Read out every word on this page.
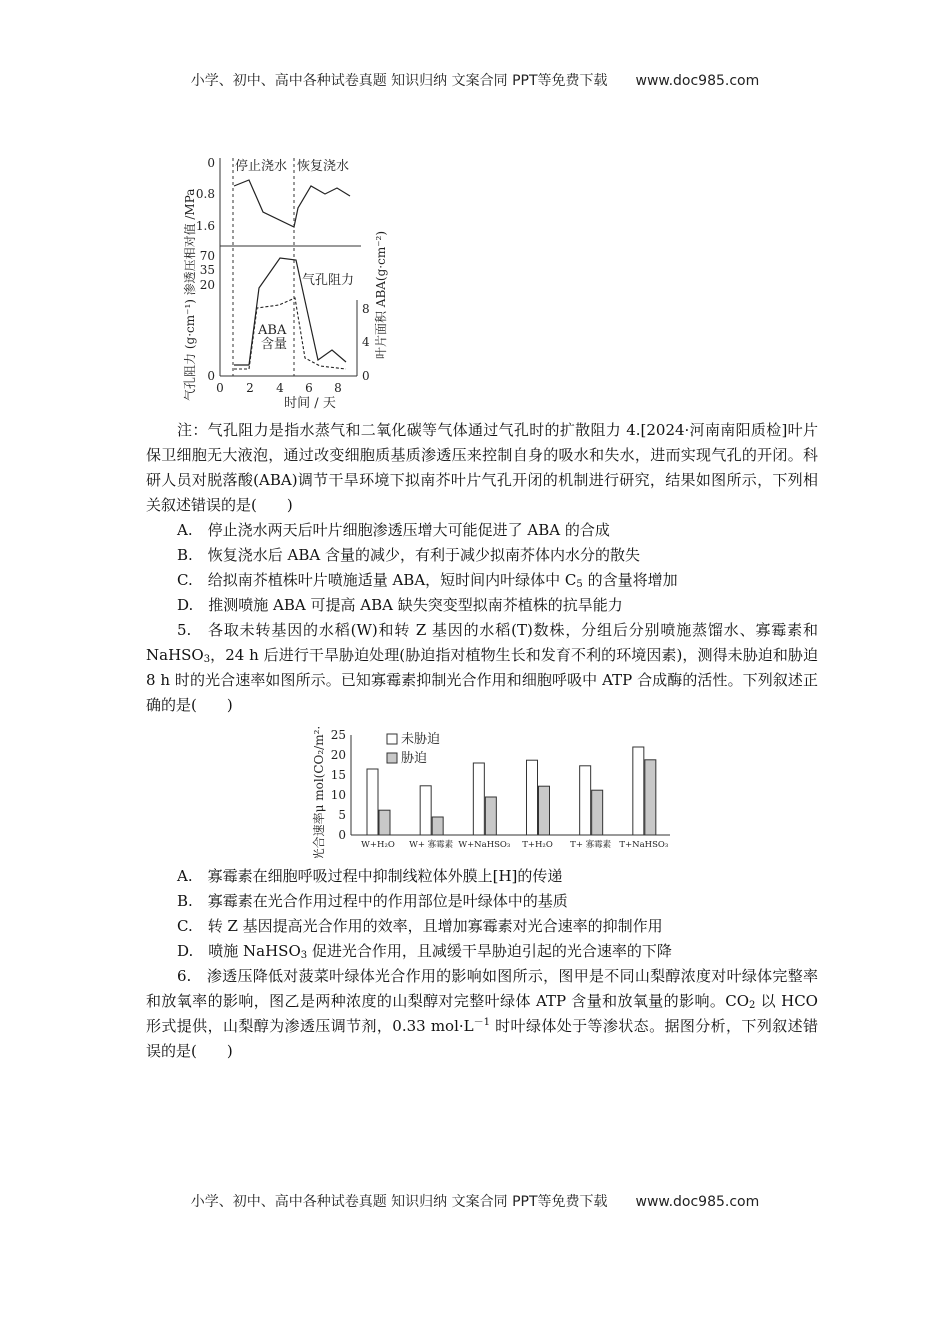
小学、初中、高中各种试卷真题 知识归纳 文案合同 PPT等免费下载 www.doc985.com
停止浇水 恢复浇水
0
0.8
1.6
70
35
20
0
8
4
0
0 2 4 6 8
时间 / 天
渗透压相对值 /MPa
气孔阻力 (g·cm⁻¹)	叶片面积 ABA(g·cm⁻²)
气孔阻力
ABA
含量

注：气孔阻力是指水蒸气和二氧化碳等气体通过气孔时的扩散阻力 4.[2024·河南南阳质检]叶片保卫细胞无大液泡，通过改变细胞质基质渗透压来控制自身的吸水和失水，进而实现气孔的开闭。科研人员对脱落酸(ABA)调节干旱环境下拟南芥叶片气孔开闭的机制进行研究，结果如图所示，下列相关叙述错误的是(　　)

A.　停止浇水两天后叶片细胞渗透压增大可能促进了 ABA 的合成

B.　恢复浇水后 ABA 含量的减少，有利于减少拟南芥体内水分的散失

C.　给拟南芥植株叶片喷施适量 ABA，短时间内叶绿体中 $C_5$ 的含量将增加

D.　推测喷施 ABA 可提高 ABA 缺失突变型拟南芥植株的抗旱能力

5.　各取未转基因的水稻(W)和转 Z 基因的水稻(T)数株，分组后分别喷施蒸馏水、寡霉素和 NaHSO$_3$，24 h 后进行干旱胁迫处理(胁迫指对植物生长和发育不利的环境因素)，测得未胁迫和胁迫 8 h 时的光合速率如图所示。已知寡霉素抑制光合作用和细胞呼吸中 ATP 合成酶的活性。下列叙述正确的是(　　)

光合速率μ mol(CO₂/m²·s 0
5
10
15
20
25
W+H₂O W+ 寡霉素 W+NaHSO₃ T+H₂O T+ 寡霉素 T+NaHSO₃
未胁迫
胁迫

A.　寡霉素在细胞呼吸过程中抑制线粒体外膜上[H]的传递

B.　寡霉素在光合作用过程中的作用部位是叶绿体中的基质

C.　转 Z 基因提高光合作用的效率，且增加寡霉素对光合速率的抑制作用

D.　喷施 NaHSO$_3$ 促进光合作用，且减缓干旱胁迫引起的光合速率的下降

6.　渗透压降低对菠菜叶绿体光合作用的影响如图所示，图甲是不同山梨醇浓度对叶绿体完整率和放氧率的影响，图乙是两种浓度的山梨醇对完整叶绿体 ATP 含量和放氧量的影响。$CO_2$ 以 HCO 形式提供，山梨醇为渗透压调节剂，0.33 $mol\cdot L^{-1}$ 时叶绿体处于等渗状态。据图分析，下列叙述错误的是(　　)

小学、初中、高中各种试卷真题 知识归纳 文案合同 PPT等免费下载 www.doc985.com
